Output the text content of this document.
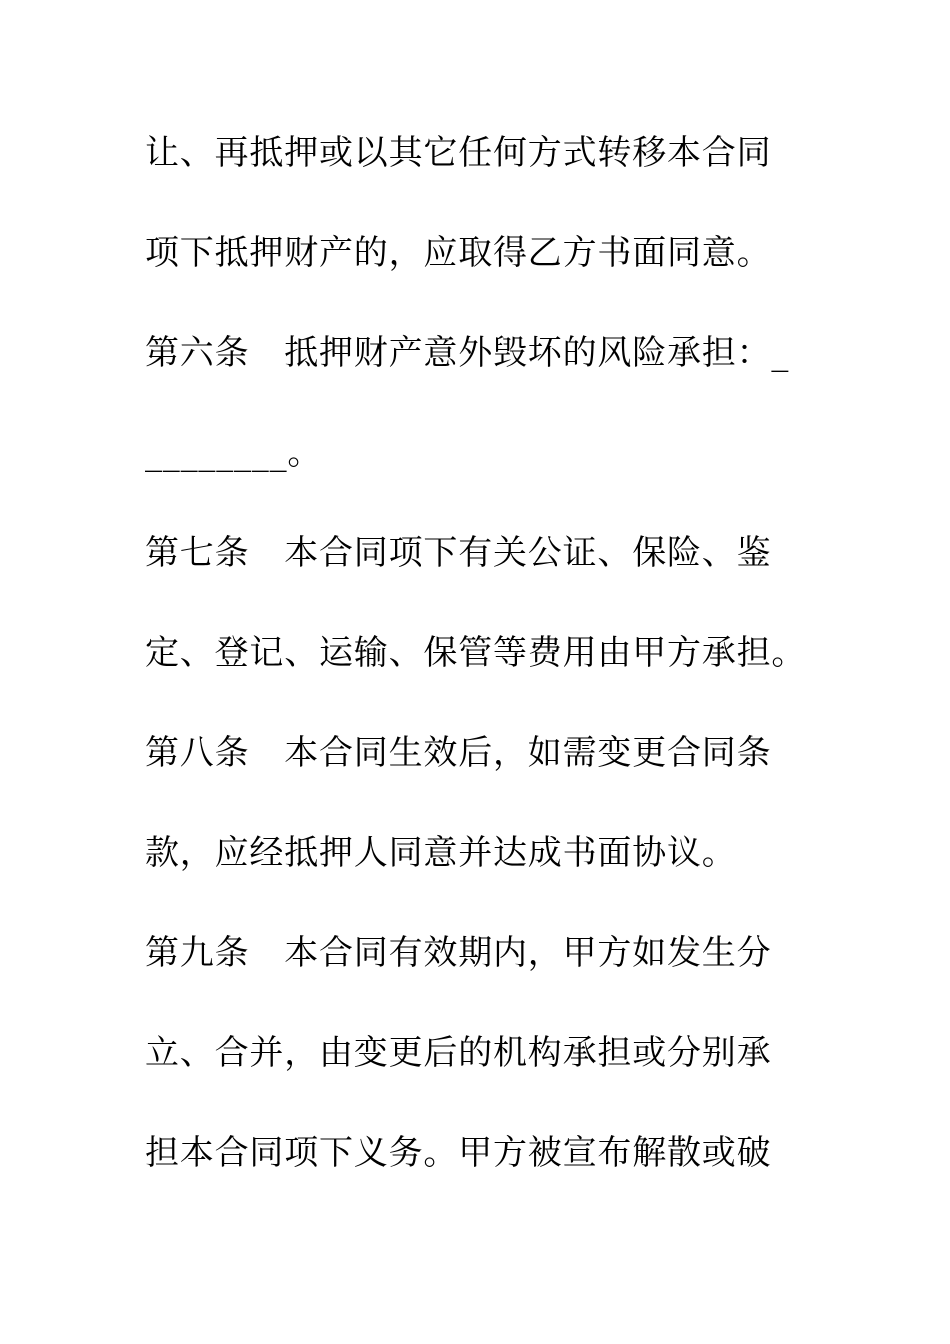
让、再抵押或以其它任何方式转移本合同
项下抵押财产的，应取得乙方书面同意。
第六条　抵押财产意外毁坏的风险承担：_
________。
第七条　本合同项下有关公证、保险、鉴
定、登记、运输、保管等费用由甲方承担。
第八条　本合同生效后，如需变更合同条
款，应经抵押人同意并达成书面协议。
第九条　本合同有效期内，甲方如发生分
立、合并，由变更后的机构承担或分别承
担本合同项下义务。甲方被宣布解散或破
